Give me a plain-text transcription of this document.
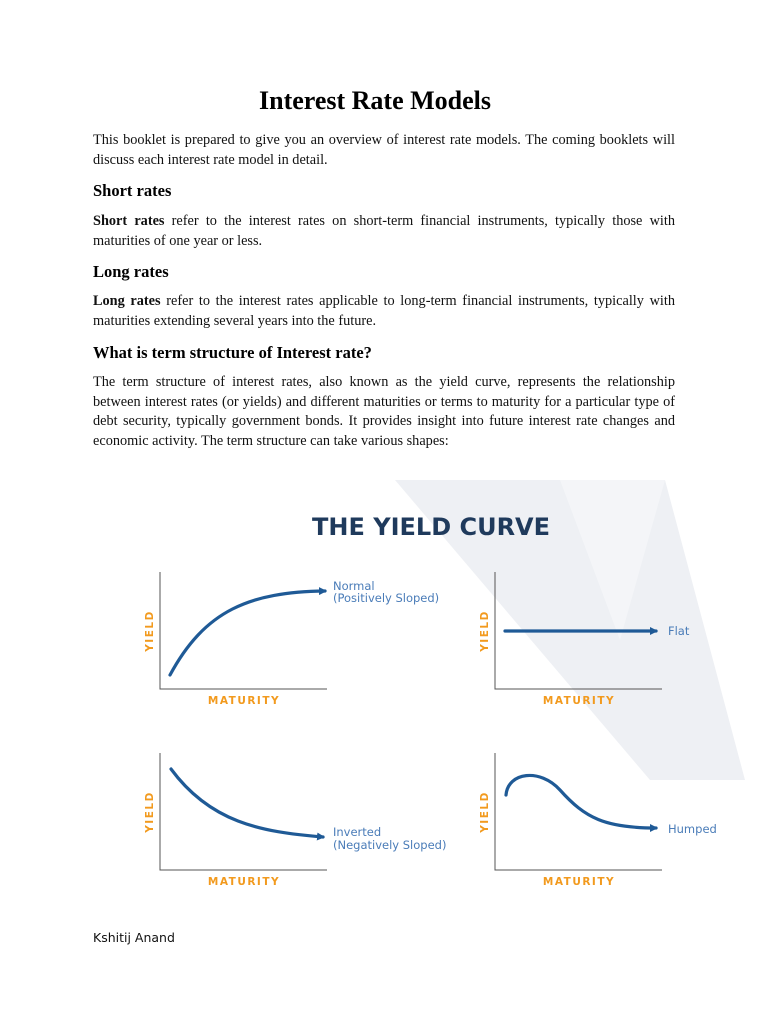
Interest Rate Models

This booklet is prepared to give you an overview of interest rate models. The coming booklets will discuss each interest rate model in detail.

Short rates

Short rates refer to the interest rates on short-term financial instruments, typically those with maturities of one year or less.

Long rates

Long rates refer to the interest rates applicable to long-term financial instruments, typically with maturities extending several years into the future.

What is term structure of Interest rate?

The term structure of interest rates, also known as the yield curve, represents the relationship between interest rates (or yields) and different maturities or terms to maturity for a particular type of debt security, typically government bonds. It provides insight into future interest rate changes and economic activity. The term structure can take various shapes:

THE YIELD CURVE
YIELD
MATURITY
Normal
(Positively Sloped)
YIELD
MATURITY
Flat
YIELD
MATURITY
Inverted
(Negatively Sloped)
YIELD
MATURITY
Humped
Kshitij Anand
